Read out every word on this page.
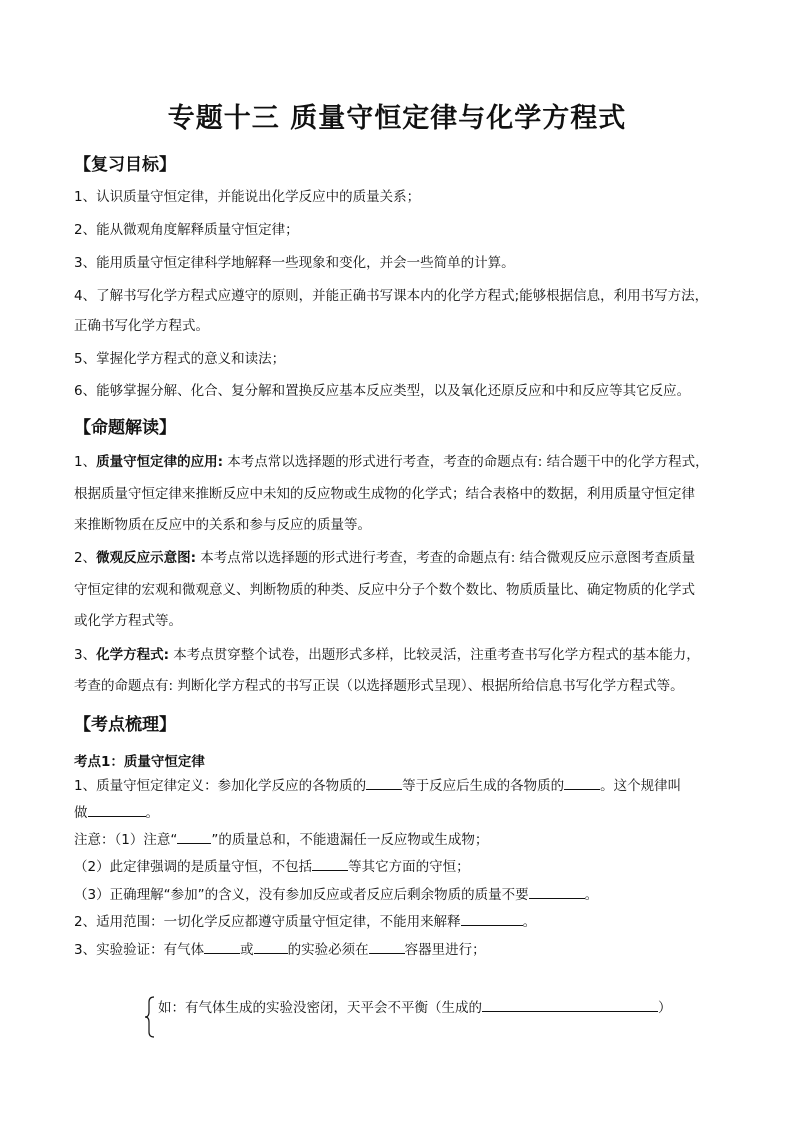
专题十三 质量守恒定律与化学方程式
【复习目标】
1、认识质量守恒定律，并能说出化学反应中的质量关系；
2、能从微观角度解释质量守恒定律；
3、能用质量守恒定律科学地解释一些现象和变化，并会一些简单的计算。
4、了解书写化学方程式应遵守的原则，并能正确书写课本内的化学方程式;能够根据信息，利用书写方法，
正确书写化学方程式。
5、掌握化学方程式的意义和读法；
6、能够掌握分解、化合、复分解和置换反应基本反应类型，以及氧化还原反应和中和反应等其它反应。
【命题解读】
1、质量守恒定律的应用: 本考点常以选择题的形式进行考查，考查的命题点有: 结合题干中的化学方程式，
根据质量守恒定律来推断反应中未知的反应物或生成物的化学式；结合表格中的数据，利用质量守恒定律
来推断物质在反应中的关系和参与反应的质量等。
2、微观反应示意图: 本考点常以选择题的形式进行考查，考查的命题点有: 结合微观反应示意图考查质量
守恒定律的宏观和微观意义、判断物质的种类、反应中分子个数个数比、物质质量比、确定物质的化学式
或化学方程式等。
3、化学方程式: 本考点贯穿整个试卷，出题形式多样，比较灵活，注重考查书写化学方程式的基本能力，
考查的命题点有: 判断化学方程式的书写正误（以选择题形式呈现）、根据所给信息书写化学方程式等。
【考点梳理】
考点1：质量守恒定律
1、质量守恒定律定义：参加化学反应的各物质的	等于反应后生成的各物质的	。这个规律叫
做	。
注意：（1）注意“	”的质量总和，不能遗漏任一反应物或生成物；
（2）此定律强调的是质量守恒，不包括	等其它方面的守恒；
（3）正确理解“参加”的含义，没有参加反应或者反应后剩余物质的质量不要	。
2、适用范围：一切化学反应都遵守质量守恒定律，不能用来解释	。
3、实验验证：有气体	或	的实验必须在	容器里进行；
如：有气体生成的实验没密闭，天平会不平衡（生成的	）
